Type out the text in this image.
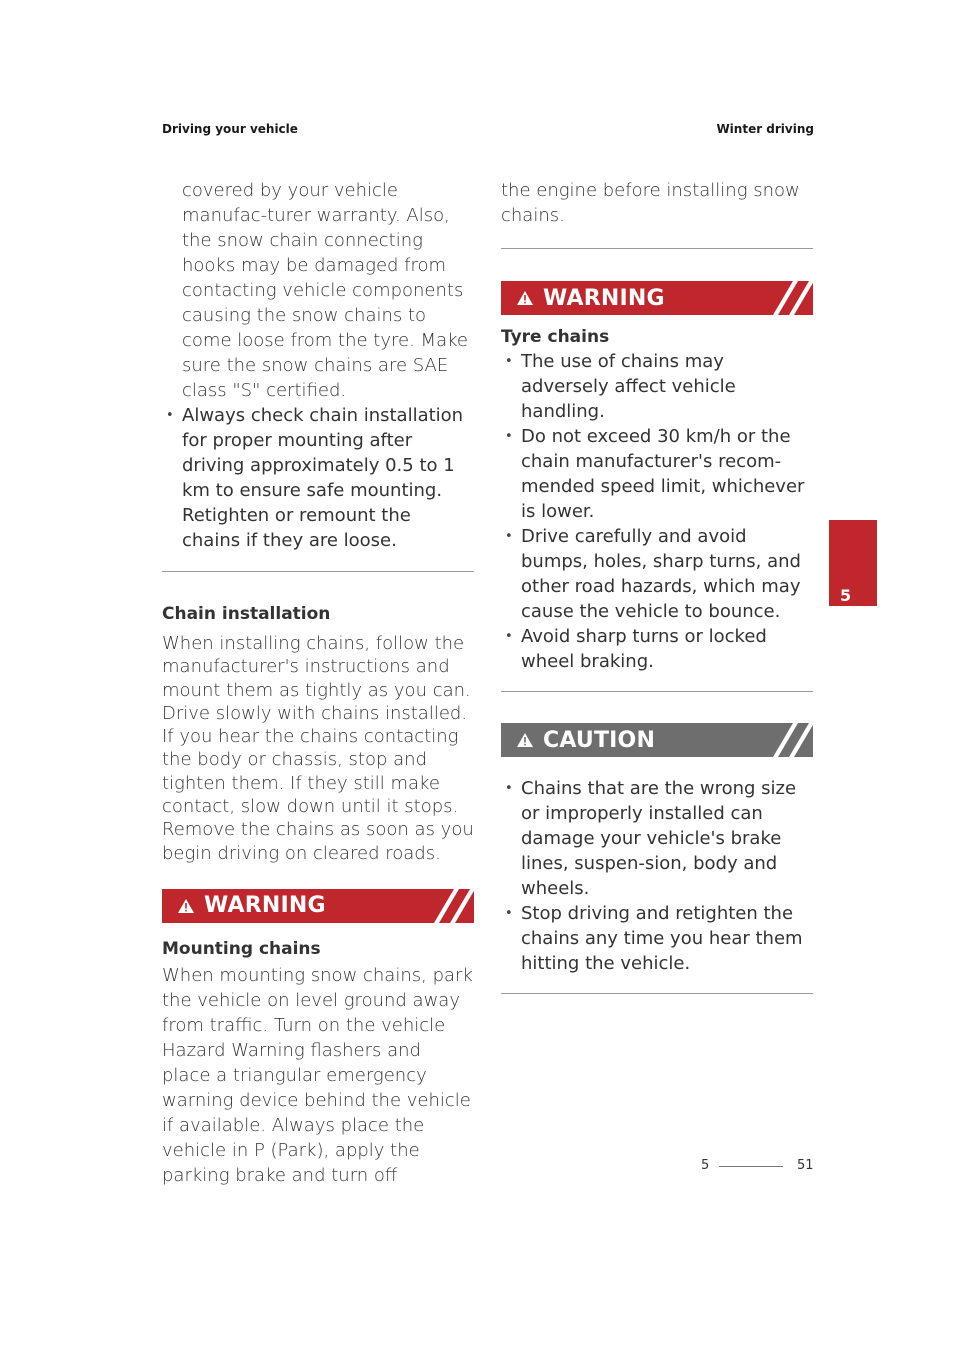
Driving your vehicle	Winter driving
covered by your vehicle manufac-turer warranty. Also, the snow chain connecting hooks may be damaged from contacting vehicle components causing the snow chains to come loose from the tyre. Make sure the snow chains are SAE class "S" certified.
• Always check chain installation for proper mounting after driving approximately 0.5 to 1 km to ensure safe mounting. Retighten or remount the chains if they are loose.
Chain installation
When installing chains, follow the manufacturer's instructions and mount them as tightly as you can. Drive slowly with chains installed. If you hear the chains contacting the body or chassis, stop and tighten them. If they still make contact, slow down until it stops. Remove the chains as soon as you begin driving on cleared roads.
WARNING
Mounting chains
When mounting snow chains, park the vehicle on level ground away from traffic. Turn on the vehicle Hazard Warning flashers and place a triangular emergency warning device behind the vehicle if available. Always place the vehicle in P (Park), apply the parking brake and turn off
the engine before installing snow chains.
WARNING
Tyre chains
• The use of chains may adversely affect vehicle handling.
• Do not exceed 30 km/h or the chain manufacturer's recom-mended speed limit, whichever is lower.
• Drive carefully and avoid bumps, holes, sharp turns, and other road hazards, which may cause the vehicle to bounce.
• Avoid sharp turns or locked wheel braking.
CAUTION
• Chains that are the wrong size or improperly installed can damage your vehicle's brake lines, suspen-sion, body and wheels.
• Stop driving and retighten the chains any time you hear them hitting the vehicle.
5
5	51
